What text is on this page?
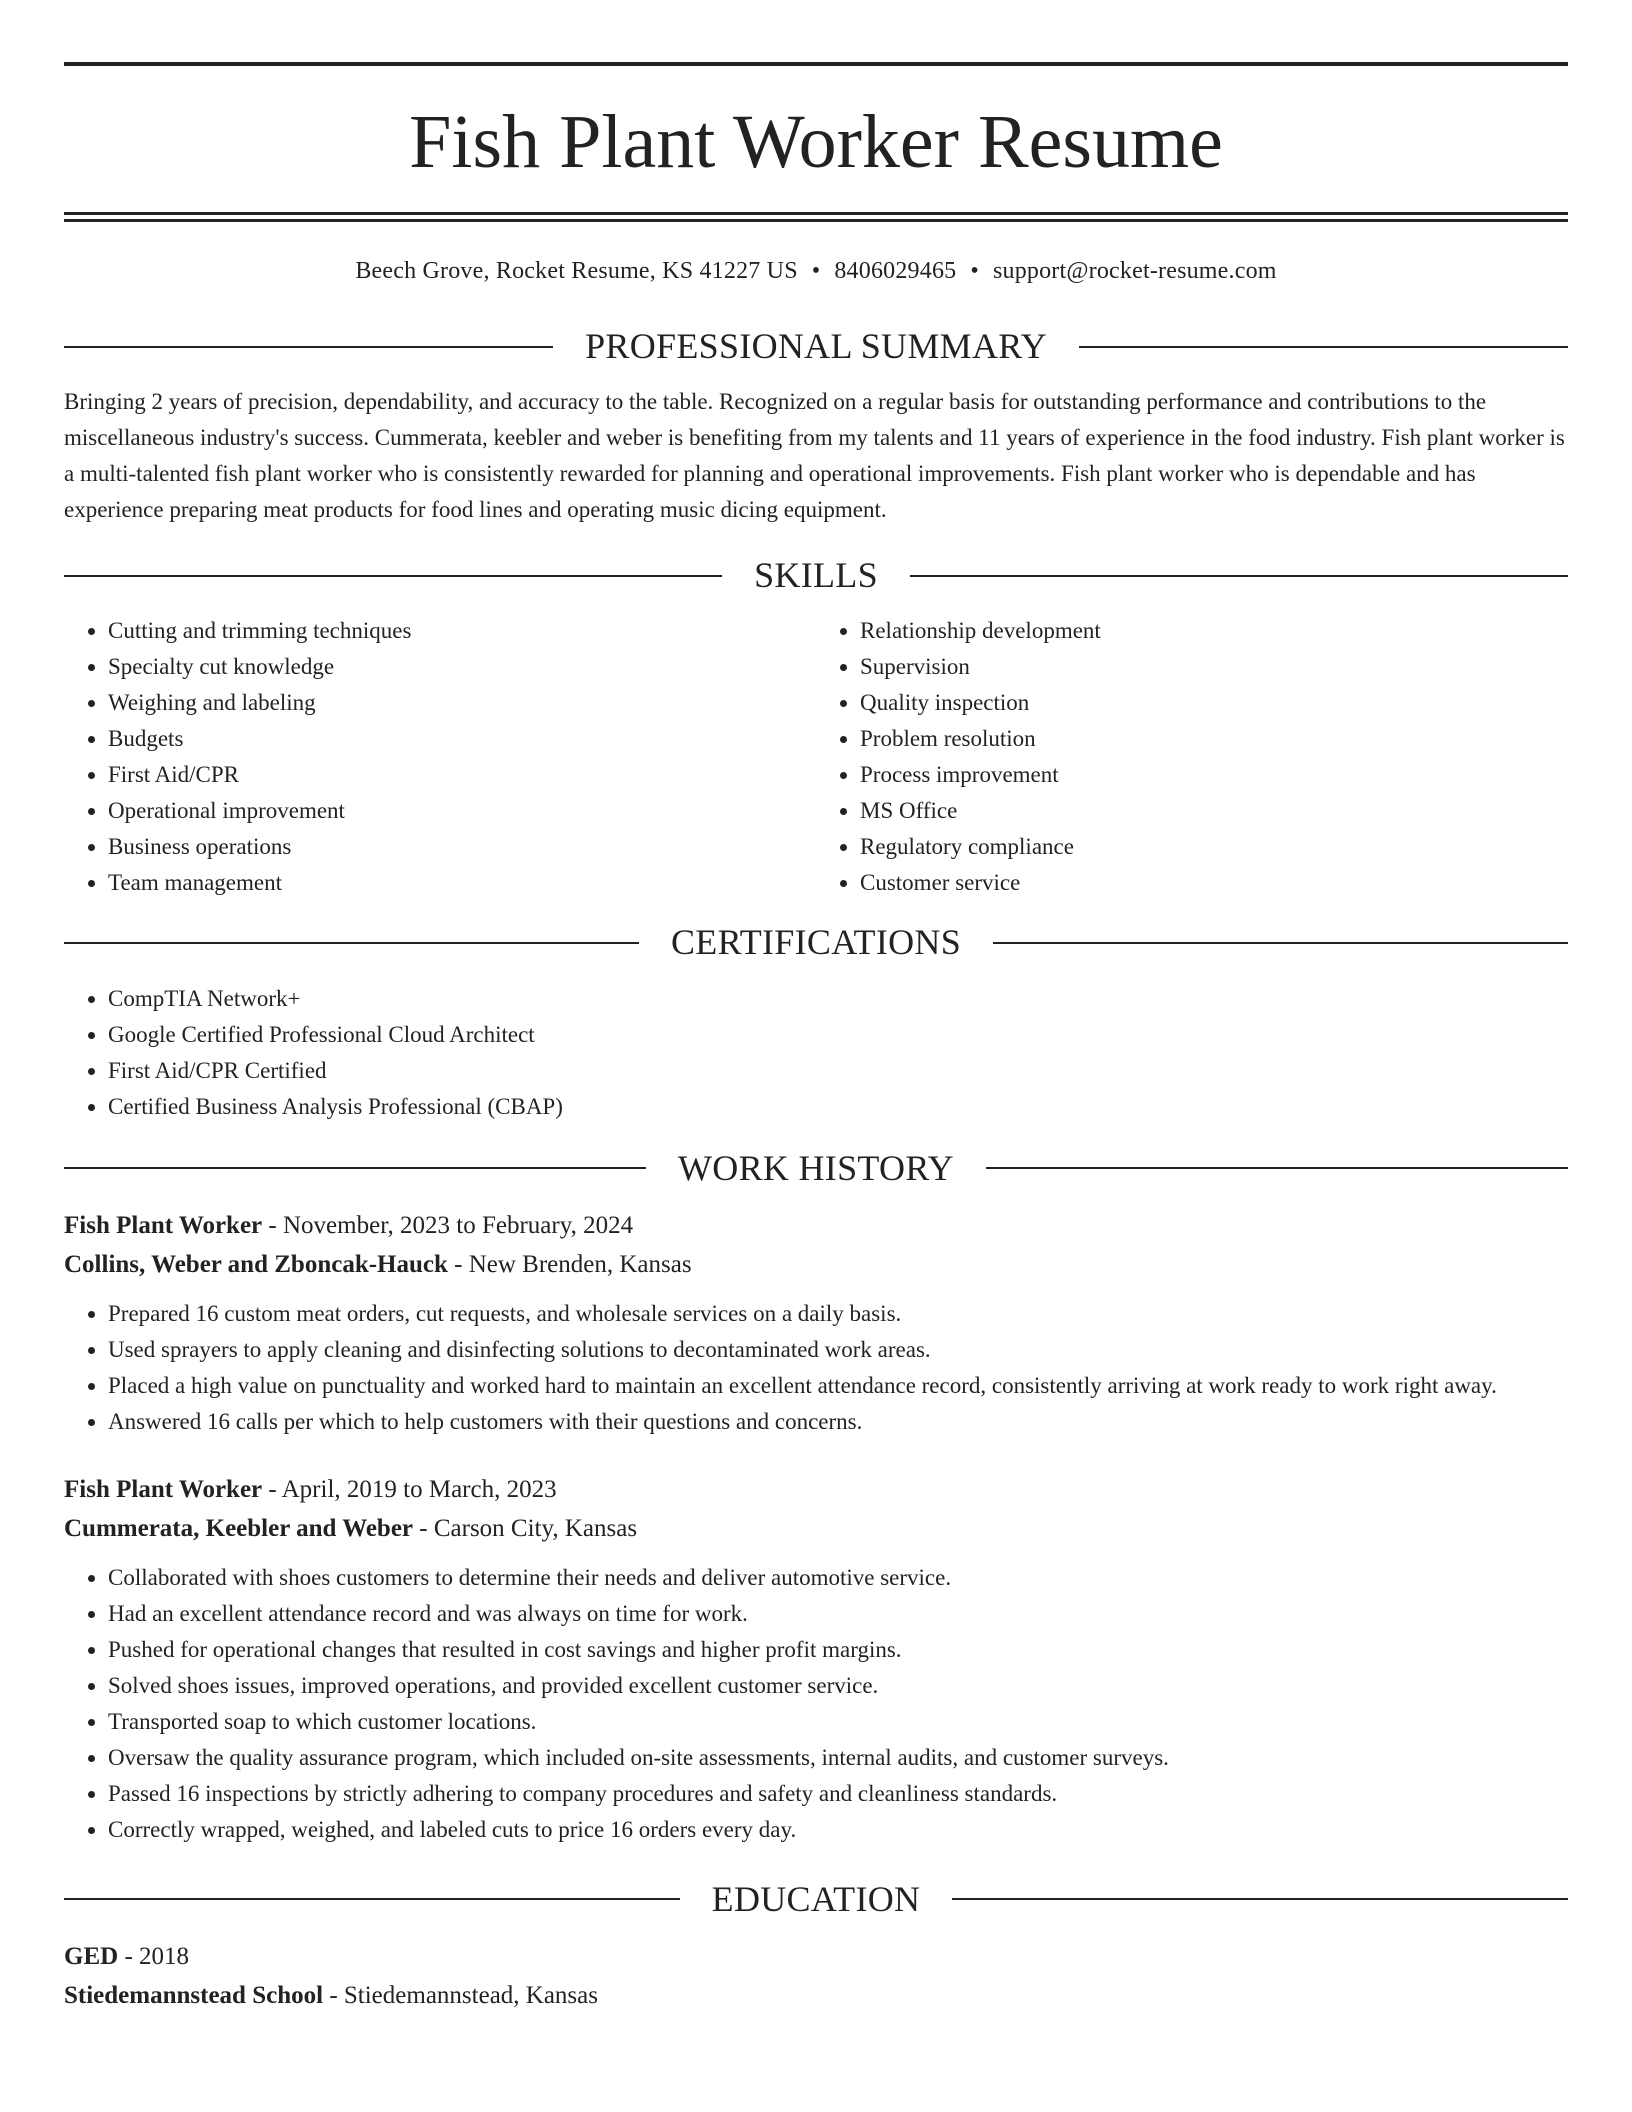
Fish Plant Worker Resume
Beech Grove, Rocket Resume, KS 41227 US • 8406029465 • support@rocket-resume.com
PROFESSIONAL SUMMARY

Bringing 2 years of precision, dependability, and accuracy to the table. Recognized on a regular basis for outstanding performance and contributions to the miscellaneous industry's success. Cummerata, keebler and weber is benefiting from my talents and 11 years of experience in the food industry. Fish plant worker is a multi-talented fish plant worker who is consistently rewarded for planning and operational improvements. Fish plant worker who is dependable and has experience preparing meat products for food lines and operating music dicing equipment.

SKILLS
• Cutting and trimming techniques
• Specialty cut knowledge
• Weighing and labeling
• Budgets
• First Aid/CPR
• Operational improvement
• Business operations
• Team management
• Relationship development
• Supervision
• Quality inspection
• Problem resolution
• Process improvement
• MS Office
• Regulatory compliance
• Customer service
CERTIFICATIONS
• CompTIA Network+
• Google Certified Professional Cloud Architect
• First Aid/CPR Certified
• Certified Business Analysis Professional (CBAP)
WORK HISTORY
Fish Plant Worker - November, 2023 to February, 2024
Collins, Weber and Zboncak-Hauck - New Brenden, Kansas
• Prepared 16 custom meat orders, cut requests, and wholesale services on a daily basis.
• Used sprayers to apply cleaning and disinfecting solutions to decontaminated work areas.
• Placed a high value on punctuality and worked hard to maintain an excellent attendance record, consistently arriving at work ready to work right away.
• Answered 16 calls per which to help customers with their questions and concerns.
Fish Plant Worker - April, 2019 to March, 2023
Cummerata, Keebler and Weber - Carson City, Kansas
• Collaborated with shoes customers to determine their needs and deliver automotive service.
• Had an excellent attendance record and was always on time for work.
• Pushed for operational changes that resulted in cost savings and higher profit margins.
• Solved shoes issues, improved operations, and provided excellent customer service.
• Transported soap to which customer locations.
• Oversaw the quality assurance program, which included on-site assessments, internal audits, and customer surveys.
• Passed 16 inspections by strictly adhering to company procedures and safety and cleanliness standards.
• Correctly wrapped, weighed, and labeled cuts to price 16 orders every day.
EDUCATION
GED - 2018
Stiedemannstead School - Stiedemannstead, Kansas
